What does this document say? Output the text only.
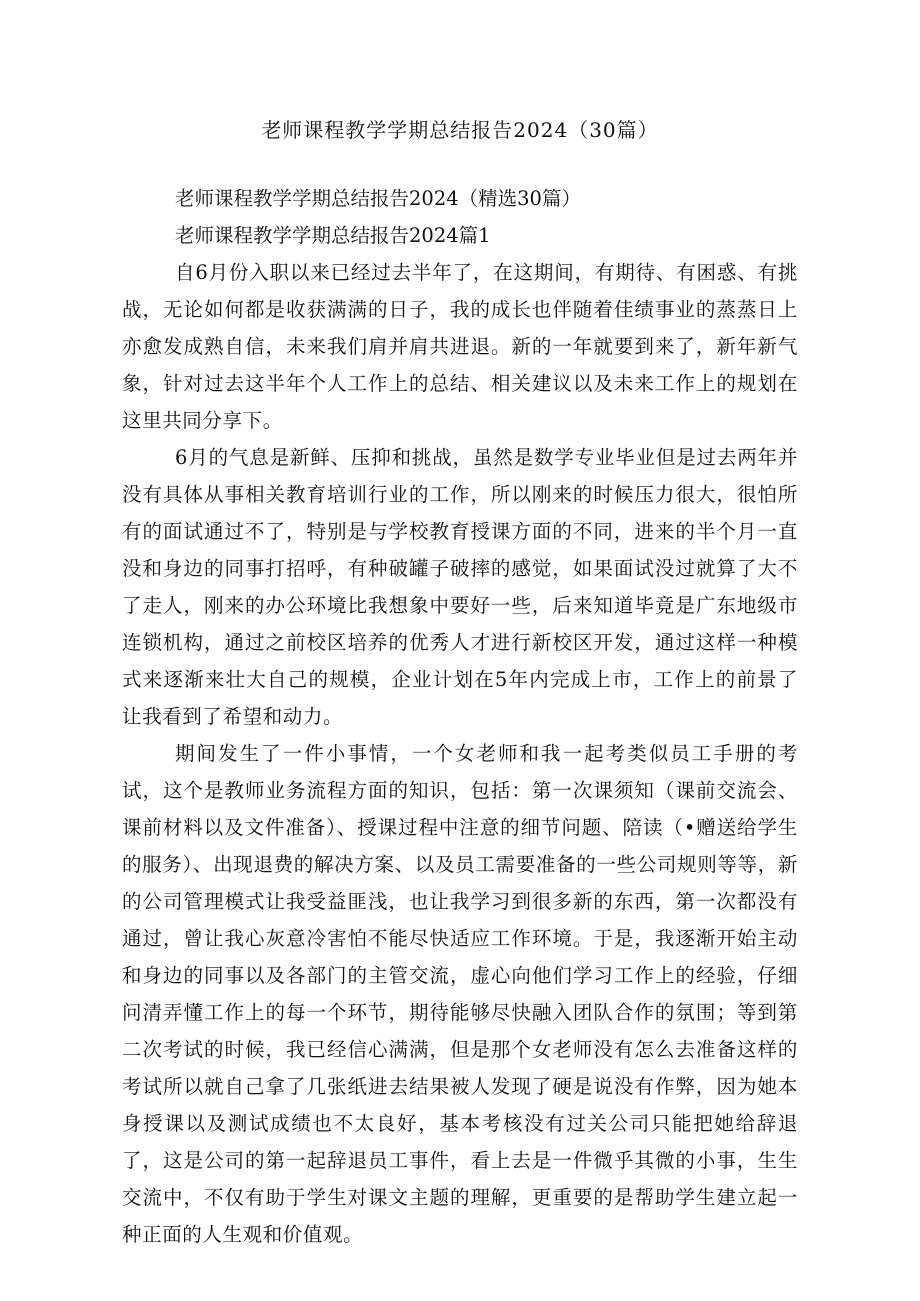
老师课程教学学期总结报告2024（30篇）

老师课程教学学期总结报告2024（精选30篇）

老师课程教学学期总结报告2024篇1

自6月份入职以来已经过去半年了，在这期间，有期待、有困惑、有挑战，无论如何都是收获满满的日子，我的成长也伴随着佳绩事业的蒸蒸日上亦愈发成熟自信，未来我们肩并肩共进退。新的一年就要到来了，新年新气象，针对过去这半年个人工作上的总结、相关建议以及未来工作上的规划在这里共同分享下。

6月的气息是新鲜、压抑和挑战，虽然是数学专业毕业但是过去两年并没有具体从事相关教育培训行业的工作，所以刚来的时候压力很大，很怕所有的面试通过不了，特别是与学校教育授课方面的不同，进来的半个月一直没和身边的同事打招呼，有种破罐子破摔的感觉，如果面试没过就算了大不了走人，刚来的办公环境比我想象中要好一些，后来知道毕竟是广东地级市连锁机构，通过之前校区培养的优秀人才进行新校区开发，通过这样一种模式来逐渐来壮大自己的规模，企业计划在5年内完成上市，工作上的前景了让我看到了希望和动力。

期间发生了一件小事情，一个女老师和我一起考类似员工手册的考试，这个是教师业务流程方面的知识，包括：第一次课须知（课前交流会、课前材料以及文件准备）、授课过程中注意的细节问题、陪读（•赠送给学生的服务）、出现退费的解决方案、以及员工需要准备的一些公司规则等等，新的公司管理模式让我受益匪浅，也让我学习到很多新的东西，第一次都没有通过，曾让我心灰意冷害怕不能尽快适应工作环境。于是，我逐渐开始主动和身边的同事以及各部门的主管交流，虚心向他们学习工作上的经验，仔细问清弄懂工作上的每一个环节，期待能够尽快融入团队合作的氛围；等到第二次考试的时候，我已经信心满满，但是那个女老师没有怎么去准备这样的考试所以就自己拿了几张纸进去结果被人发现了硬是说没有作弊，因为她本身授课以及测试成绩也不太良好，基本考核没有过关公司只能把她给辞退了，这是公司的第一起辞退员工事件，看上去是一件微乎其微的小事，生生交流中，不仅有助于学生对课文主题的理解，更重要的是帮助学生建立起一种正面的人生观和价值观。
